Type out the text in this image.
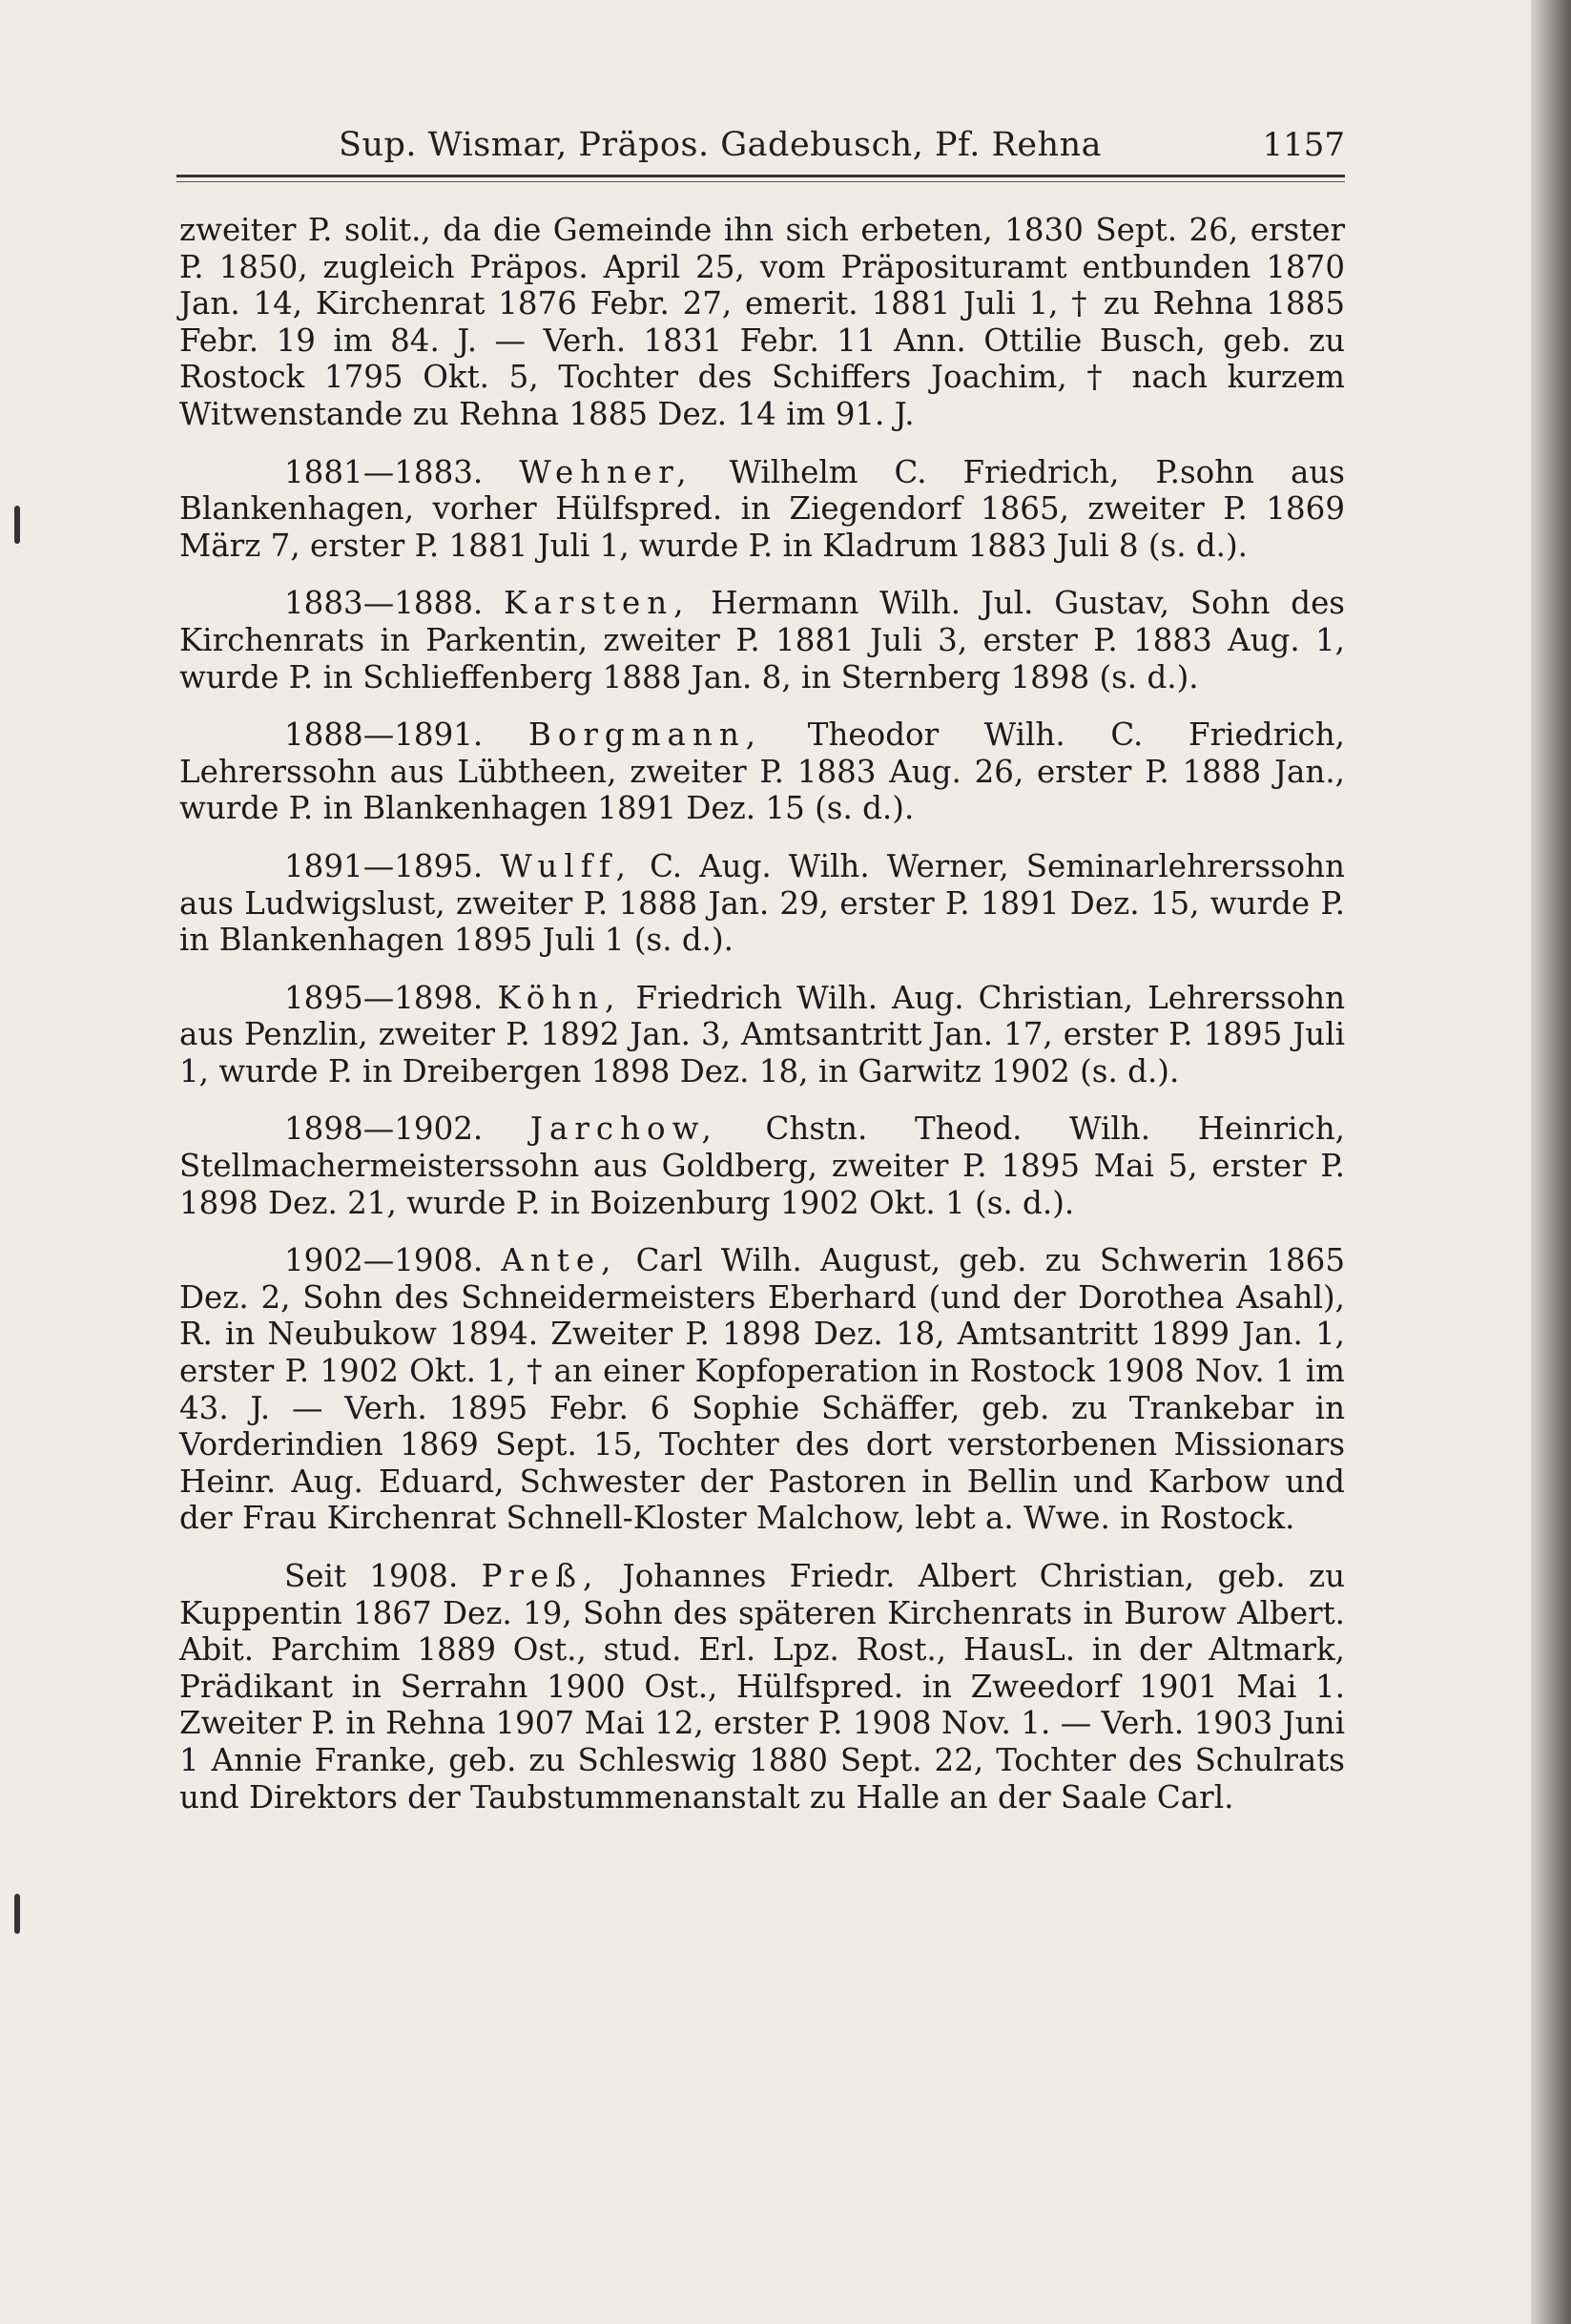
Sup. Wismar, Präpos. Gadebusch, Pf. Rehna	1157

zweiter P. solit., da die Gemeinde ihn sich erbeten, 1830 Sept. 26, erster P. 1850, zugleich Präpos. April 25, vom Präposituramt entbunden 1870 Jan. 14, Kirchenrat 1876 Febr. 27, emerit. 1881 Juli 1, † zu Rehna 1885 Febr. 19 im 84. J. — Verh. 1831 Febr. 11 Ann. Ottilie Busch, geb. zu Rostock 1795 Okt. 5, Tochter des Schiffers Joachim, † nach kurzem Witwenstande zu Rehna 1885 Dez. 14 im 91. J.

1881—1883. Wehner, Wilhelm C. Friedrich, P.sohn aus Blankenhagen, vorher Hülfspred. in Ziegendorf 1865, zweiter P. 1869 März 7, erster P. 1881 Juli 1, wurde P. in Kladrum 1883 Juli 8 (s. d.).

1883—1888. Karsten, Hermann Wilh. Jul. Gustav, Sohn des Kirchenrats in Parkentin, zweiter P. 1881 Juli 3, erster P. 1883 Aug. 1, wurde P. in Schlieffenberg 1888 Jan. 8, in Sternberg 1898 (s. d.).

1888—1891. Borgmann, Theodor Wilh. C. Friedrich, Lehrerssohn aus Lübtheen, zweiter P. 1883 Aug. 26, erster P. 1888 Jan., wurde P. in Blankenhagen 1891 Dez. 15 (s. d.).

1891—1895. Wulff, C. Aug. Wilh. Werner, Seminarlehrerssohn aus Ludwigslust, zweiter P. 1888 Jan. 29, erster P. 1891 Dez. 15, wurde P. in Blankenhagen 1895 Juli 1 (s. d.).

1895—1898. Köhn, Friedrich Wilh. Aug. Christian, Lehrerssohn aus Penzlin, zweiter P. 1892 Jan. 3, Amtsantritt Jan. 17, erster P. 1895 Juli 1, wurde P. in Dreibergen 1898 Dez. 18, in Garwitz 1902 (s. d.).

1898—1902. Jarchow, Chstn. Theod. Wilh. Heinrich, Stellmachermeisterssohn aus Goldberg, zweiter P. 1895 Mai 5, erster P. 1898 Dez. 21, wurde P. in Boizenburg 1902 Okt. 1 (s. d.).

1902—1908. Ante, Carl Wilh. August, geb. zu Schwerin 1865 Dez. 2, Sohn des Schneidermeisters Eberhard (und der Dorothea Asahl), R. in Neubukow 1894. Zweiter P. 1898 Dez. 18, Amtsantritt 1899 Jan. 1, erster P. 1902 Okt. 1, † an einer Kopfoperation in Rostock 1908 Nov. 1 im 43. J. — Verh. 1895 Febr. 6 Sophie Schäffer, geb. zu Trankebar in Vorderindien 1869 Sept. 15, Tochter des dort verstorbenen Missionars Heinr. Aug. Eduard, Schwester der Pastoren in Bellin und Karbow und der Frau Kirchenrat Schnell-Kloster Malchow, lebt a. Wwe. in Rostock.

Seit 1908. Preß, Johannes Friedr. Albert Christian, geb. zu Kuppentin 1867 Dez. 19, Sohn des späteren Kirchenrats in Burow Albert. Abit. Parchim 1889 Ost., stud. Erl. Lpz. Rost., HausL. in der Altmark, Prädikant in Serrahn 1900 Ost., Hülfspred. in Zweedorf 1901 Mai 1. Zweiter P. in Rehna 1907 Mai 12, erster P. 1908 Nov. 1. — Verh. 1903 Juni 1 Annie Franke, geb. zu Schleswig 1880 Sept. 22, Tochter des Schulrats und Direktors der Taubstummenanstalt zu Halle an der Saale Carl.
